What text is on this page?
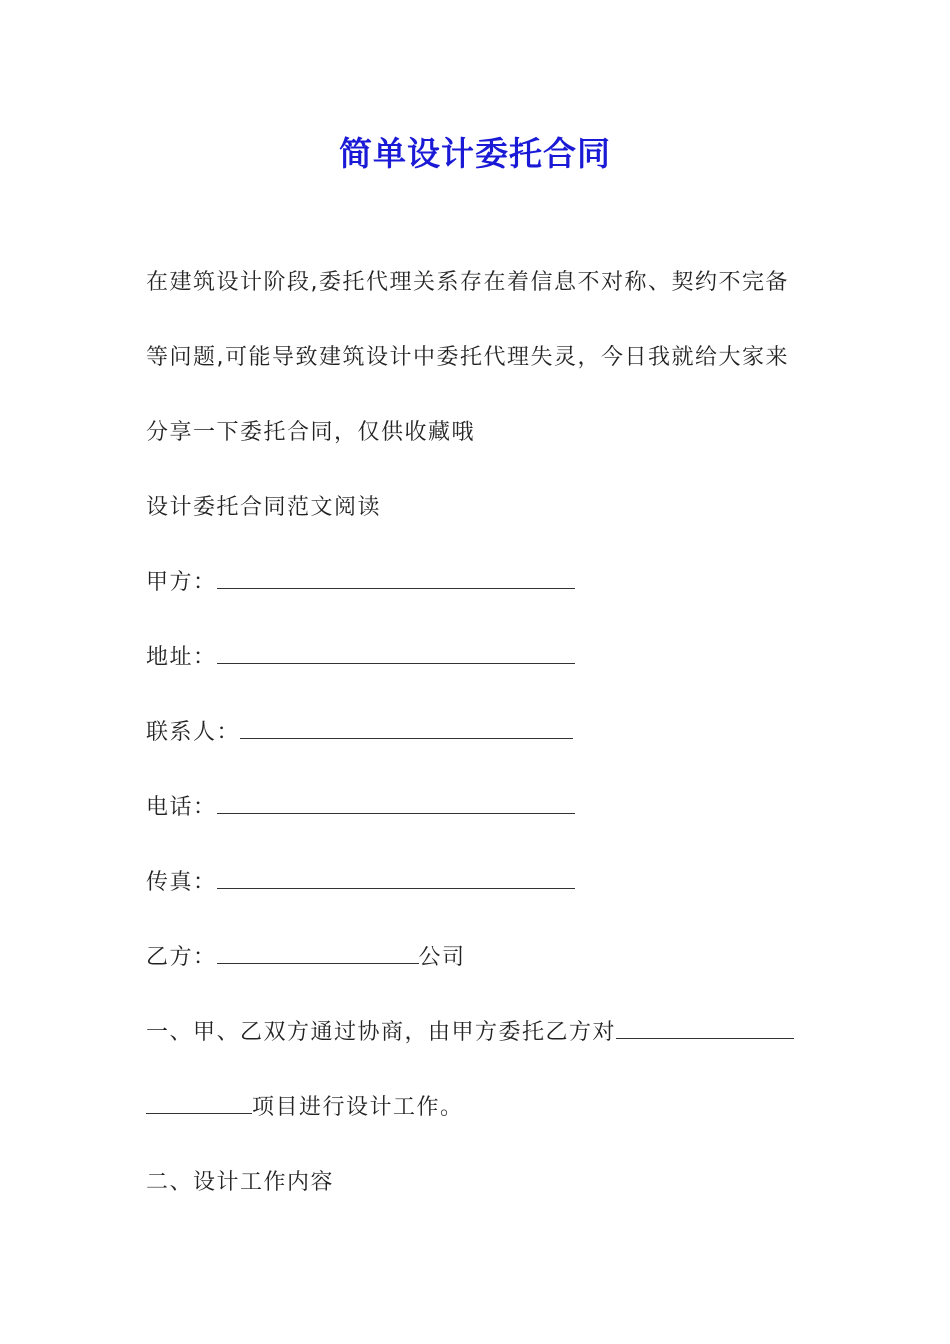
简单设计委托合同
在建筑设计阶段,委托代理关系存在着信息不对称、契约不完备
等问题,可能导致建筑设计中委托代理失灵，今日我就给大家来
分享一下委托合同，仅供收藏哦
设计委托合同范文阅读
甲方：
地址：
联系人：
电话：
传真：
乙方：	公司
一、甲、乙双方通过协商，由甲方委托乙方对
项目进行设计工作。
二、设计工作内容
